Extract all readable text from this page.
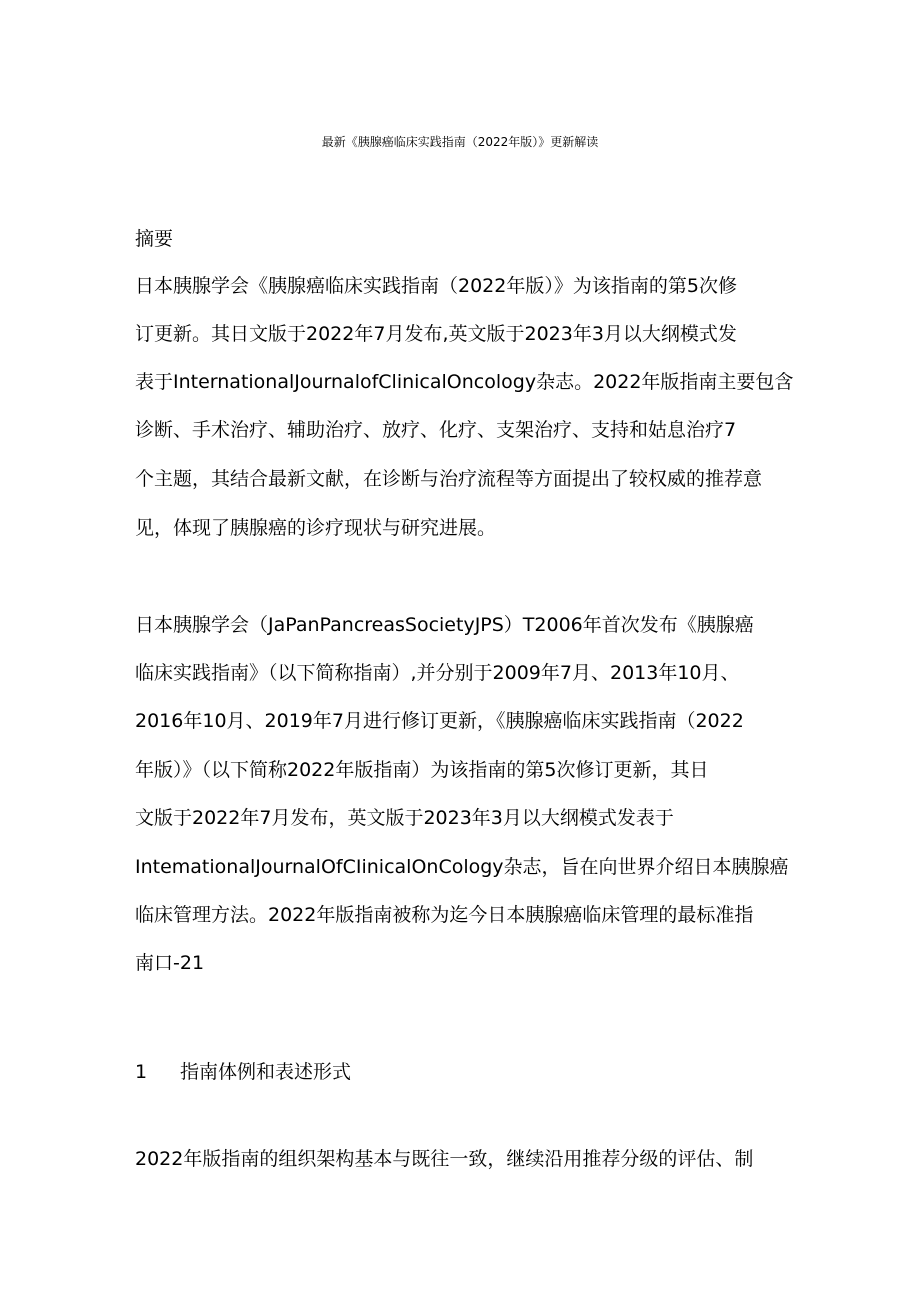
最新《胰腺癌临床实践指南（2022年版）》更新解读
摘要
日本胰腺学会《胰腺癌临床实践指南（2022年版）》为该指南的第5次修
订更新。其日文版于2022年7月发布,英文版于2023年3月以大纲模式发
表于InternationalJournalofClinicalOncology杂志。2022年版指南主要包含
诊断、手术治疗、辅助治疗、放疗、化疗、支架治疗、支持和姑息治疗7
个主题，其结合最新文献，在诊断与治疗流程等方面提出了较权威的推荐意
见，体现了胰腺癌的诊疗现状与研究进展。
日本胰腺学会（JaPanPancreasSocietyJPS）T2006年首次发布《胰腺癌
临床实践指南》（以下简称指南）,并分别于2009年7月、2013年10月、
2016年10月、2019年7月进行修订更新，《胰腺癌临床实践指南（2022
年版）》（以下简称2022年版指南）为该指南的第5次修订更新，其日
文版于2022年7月发布，英文版于2023年3月以大纲模式发表于
IntemationalJournalOfCIinicalOnCology杂志，旨在向世界介绍日本胰腺癌
临床管理方法。2022年版指南被称为迄今日本胰腺癌临床管理的最标准指
南口-21
1 指南体例和表述形式
2022年版指南的组织架构基本与既往一致，继续沿用推荐分级的评估、制
